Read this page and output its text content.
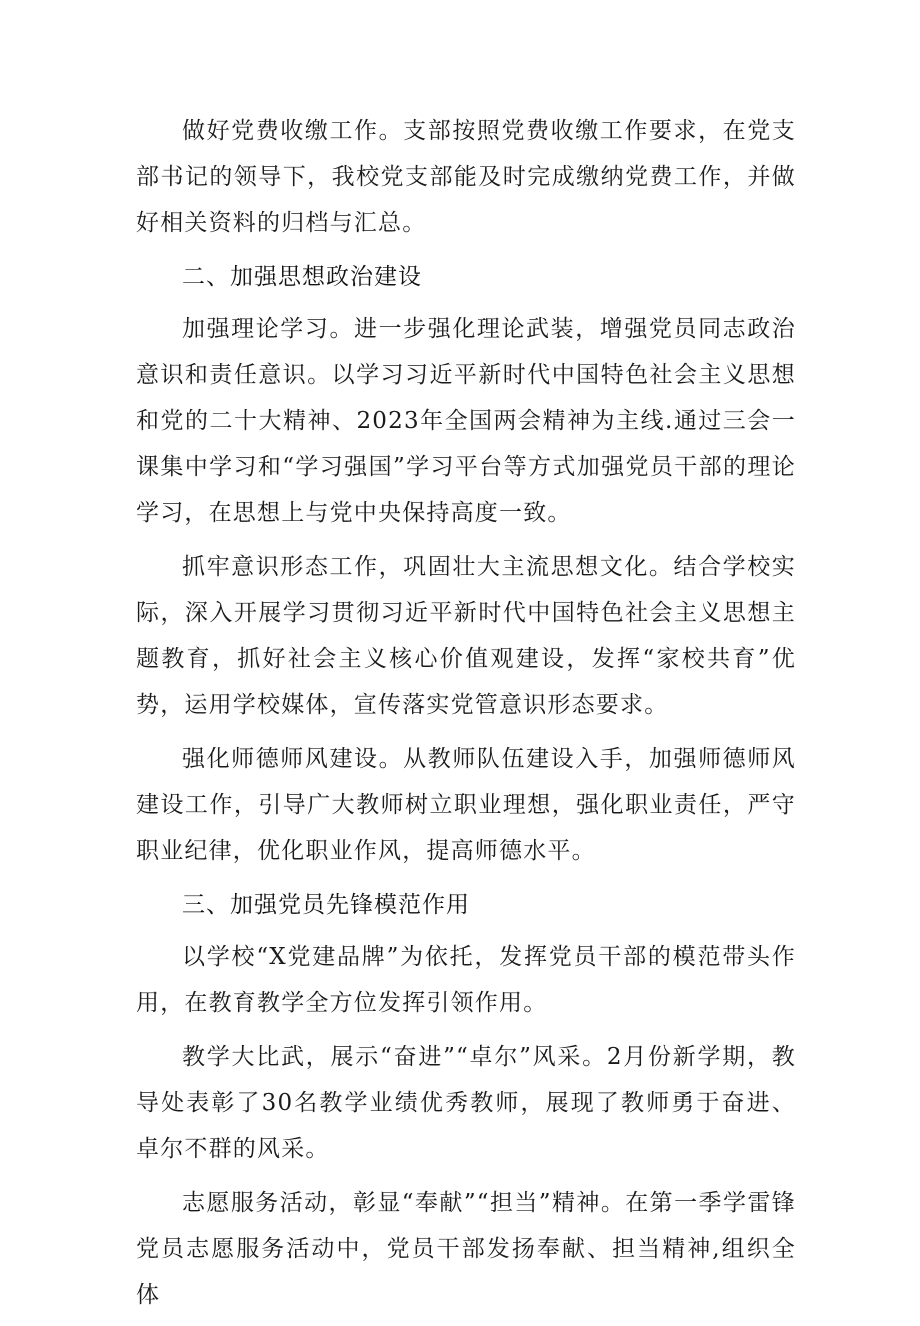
做好党费收缴工作。支部按照党费收缴工作要求，在党支部书记的领导下，我校党支部能及时完成缴纳党费工作，并做好相关资料的归档与汇总。

二、加强思想政治建设

加强理论学习。进一步强化理论武装，增强党员同志政治意识和责任意识。以学习习近平新时代中国特色社会主义思想和党的二十大精神、2023年全国两会精神为主线.通过三会一课集中学习和“学习强国”学习平台等方式加强党员干部的理论学习，在思想上与党中央保持高度一致。

抓牢意识形态工作，巩固壮大主流思想文化。结合学校实际，深入开展学习贯彻习近平新时代中国特色社会主义思想主题教育，抓好社会主义核心价值观建设，发挥“家校共育”优势，运用学校媒体，宣传落实党管意识形态要求。

强化师德师风建设。从教师队伍建设入手，加强师德师风建设工作，引导广大教师树立职业理想，强化职业责任，严守职业纪律，优化职业作风，提高师德水平。

三、加强党员先锋模范作用

以学校“X党建品牌”为依托，发挥党员干部的模范带头作用，在教育教学全方位发挥引领作用。

教学大比武，展示“奋进”“卓尔”风采。2月份新学期，教导处表彰了30名教学业绩优秀教师，展现了教师勇于奋进、卓尔不群的风采。

志愿服务活动，彰显“奉献”“担当”精神。在第一季学雷锋党员志愿服务活动中，党员干部发扬奉献、担当精神,组织全体
